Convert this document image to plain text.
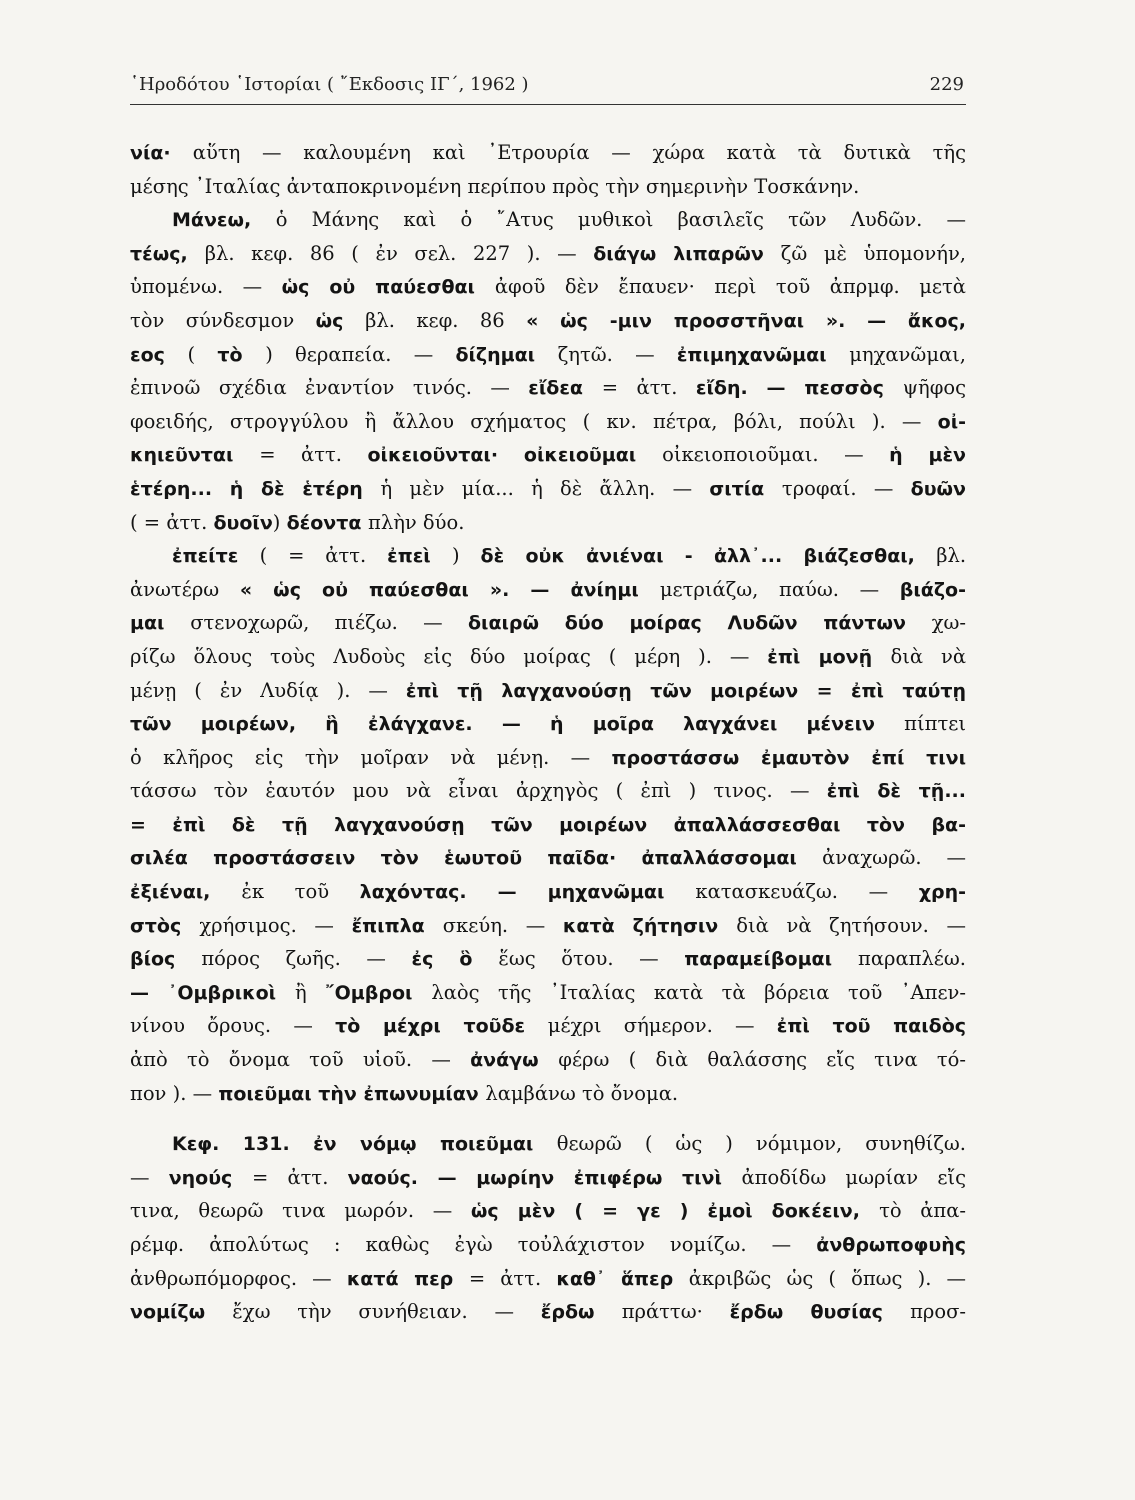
῾Ηροδότου ῾Ιστορίαι ( ῎Εκδοσις ΙΓ΄, 1962 )	229
νία· αὕτη — καλουμένη καὶ ᾿Ετρουρία — χώρα κατὰ τὰ δυτικὰ τῆς
μέσης ᾿Ιταλίας ἀνταποκρινομένη περίπου πρὸς τὴν σημερινὴν Τοσκάνην.
Μάνεω, ὁ Μάνης καὶ ὁ ῎Ατυς μυθικοὶ βασιλεῖς τῶν Λυδῶν. —
τέως, βλ. κεφ. 86 ( ἐν σελ. 227 ). — διάγω λιπαρῶν ζῶ μὲ ὑπομονήν,
ὑπομένω. — ὡς οὐ παύεσθαι ἀφοῦ δὲν ἔπαυεν· περὶ τοῦ ἀπρμφ. μετὰ
τὸν σύνδεσμον ὡς βλ. κεφ. 86 « ὡς -μιν προσστῆναι ». — ἄκος,
εος ( τὸ ) θεραπεία. — δίζημαι ζητῶ. — ἐπιμηχανῶμαι μηχανῶμαι,
ἐπινοῶ σχέδια ἐναντίον τινός. — εἴδεα = ἀττ. εἴδη. — πεσσὸς ψῆφος
φοειδής, στρογγύλου ἢ ἄλλου σχήματος ( κν. πέτρα, βόλι, πούλι ). — οἰ-
κηιεῦνται = ἀττ. οἰκειοῦνται· οἰκειοῦμαι οἰκειοποιοῦμαι. — ἡ μὲν
ἑτέρη... ἡ δὲ ἑτέρη ἡ μὲν μία... ἡ δὲ ἄλλη. — σιτία τροφαί. — δυῶν
( = ἀττ. δυοῖν) δέοντα πλὴν δύο.
ἐπείτε ( = ἀττ. ἐπεὶ ) δὲ οὐκ ἀνιέναι - ἀλλ᾿... βιάζεσθαι, βλ.
ἀνωτέρω « ὡς οὐ παύεσθαι ». — ἀνίημι μετριάζω, παύω. — βιάζο-
μαι στενοχωρῶ, πιέζω. — διαιρῶ δύο μοίρας Λυδῶν πάντων χω-
ρίζω ὅλους τοὺς Λυδοὺς εἰς δύο μοίρας ( μέρη ). — ἐπὶ μονῇ διὰ νὰ
μένῃ ( ἐν Λυδίᾳ ). — ἐπὶ τῇ λαγχανούσῃ τῶν μοιρέων = ἐπὶ ταύτῃ
τῶν μοιρέων, ἣ ἐλάγχανε. — ἡ μοῖρα λαγχάνει μένειν πίπτει
ὁ κλῆρος εἰς τὴν μοῖραν νὰ μένῃ. — προστάσσω ἐμαυτὸν ἐπί τινι
τάσσω τὸν ἑαυτόν μου νὰ εἶναι ἀρχηγὸς ( ἐπὶ ) τινος. — ἐπὶ δὲ τῇ...
= ἐπὶ δὲ τῇ λαγχανούσῃ τῶν μοιρέων ἀπαλλάσσεσθαι τὸν βα-
σιλέα προστάσσειν τὸν ἑωυτοῦ παῖδα· ἀπαλλάσσομαι ἀναχωρῶ. —
ἐξιέναι, ἐκ τοῦ λαχόντας. — μηχανῶμαι κατασκευάζω. — χρη-
στὸς χρήσιμος. — ἔπιπλα σκεύη. — κατὰ ζήτησιν διὰ νὰ ζητήσουν. —
βίος πόρος ζωῆς. — ἐς ὃ ἕως ὅτου. — παραμείβομαι παραπλέω.
— ᾿Ομβρικοὶ ἢ ῎Ομβροι λαὸς τῆς ᾿Ιταλίας κατὰ τὰ βόρεια τοῦ ᾿Απεν-
νίνου ὄρους. — τὸ μέχρι τοῦδε μέχρι σήμερον. — ἐπὶ τοῦ παιδὸς
ἀπὸ τὸ ὄνομα τοῦ υἱοῦ. — ἀνάγω φέρω ( διὰ θαλάσσης εἴς τινα τό-
πον ). — ποιεῦμαι τὴν ἐπωνυμίαν λαμβάνω τὸ ὄνομα.
Κεφ. 131. ἐν νόμῳ ποιεῦμαι θεωρῶ ( ὡς ) νόμιμον, συνηθίζω.
— νηούς = ἀττ. ναούς. — μωρίην ἐπιφέρω τινὶ ἀποδίδω μωρίαν εἴς
τινα, θεωρῶ τινα μωρόν. — ὡς μὲν ( = γε ) ἐμοὶ δοκέειν, τὸ ἀπα-
ρέμφ. ἀπολύτως : καθὼς ἐγὼ τοὐλάχιστον νομίζω. — ἀνθρωποφυὴς
ἀνθρωπόμορφος. — κατά περ = ἀττ. καθ᾿ ἅπερ ἀκριβῶς ὡς ( ὅπως ). —
νομίζω ἔχω τὴν συνήθειαν. — ἔρδω πράττω· ἔρδω θυσίας προσ-
